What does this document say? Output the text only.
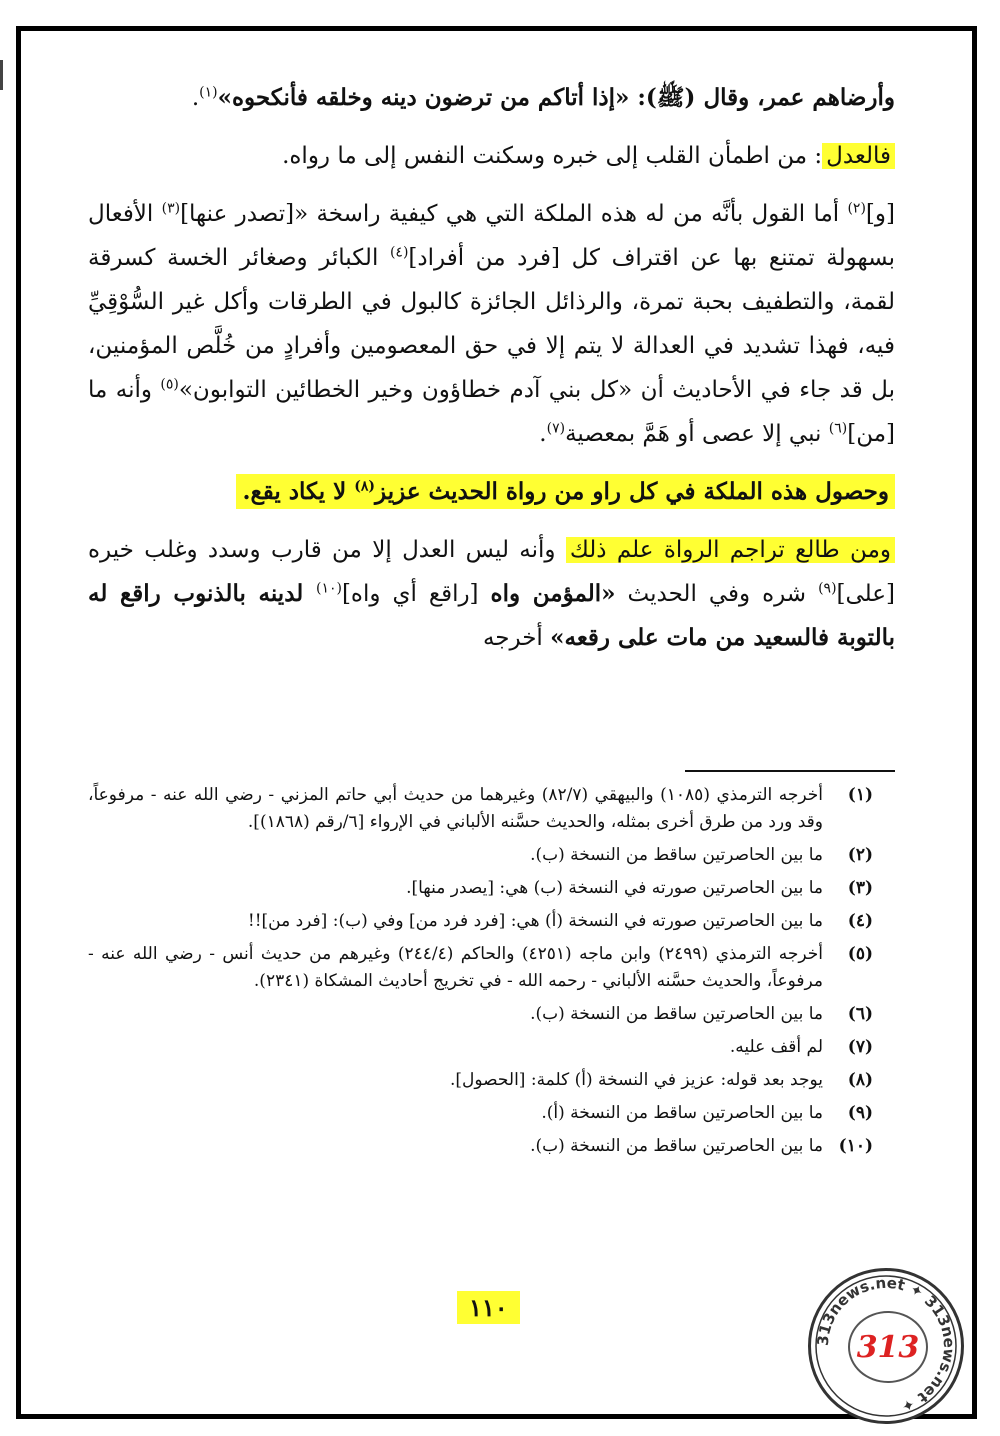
وأرضاهم عمر، وقال (ﷺ): «إذا أتاكم من ترضون دينه وخلقه فأنكحوه»$^{(١)}$.

فالعدل: من اطمأن القلب إلى خبره وسكنت النفس إلى ما رواه.

[و]$^{(٢)}$ أما القول بأنَّه من له هذه الملكة التي هي كيفية راسخة «[تصدر عنها]$^{(٣)}$ الأفعال بسهولة تمتنع بها عن اقتراف كل [فرد من أفراد]$^{(٤)}$ الكبائر وصغائر الخسة كسرقة لقمة، والتطفيف بحبة تمرة، والرذائل الجائزة كالبول في الطرقات وأكل غير السُّوْقِيِّ فيه، فهذا تشديد في العدالة لا يتم إلا في حق المعصومين وأفرادٍ من خُلَّص المؤمنين، بل قد جاء في الأحاديث أن «كل بني آدم خطاؤون وخير الخطائين التوابون»$^{(٥)}$ وأنه ما [من]$^{(٦)}$ نبي إلا عصى أو هَمَّ بمعصية$^{(٧)}$.

وحصول هذه الملكة في كل راو من رواة الحديث عزيز$^{(٨)}$ لا يكاد يقع.

ومن طالع تراجم الرواة علم ذلك وأنه ليس العدل إلا من قارب وسدد وغلب خيره [على]$^{(٩)}$ شره وفي الحديث «المؤمن واه [راقع أي واه]$^{(١٠)}$ لدينه بالذنوب راقع له بالتوبة فالسعيد من مات على رقعه» أخرجه

(١)
أخرجه الترمذي (١٠٨٥) والبيهقي (٨٢/٧) وغيرهما من حديث أبي حاتم المزني - رضي الله عنه - مرفوعاً، وقد ورد من طرق أخرى بمثله، والحديث حسَّنه الألباني في الإرواء [٦/رقم (١٨٦٨)].
(٢)
ما بين الحاصرتين ساقط من النسخة (ب).
(٣)
ما بين الحاصرتين صورته في النسخة (ب) هي: [يصدر منها].
(٤)
ما بين الحاصرتين صورته في النسخة (أ) هي: [فرد فرد من] وفي (ب): [فرد من]!!
(٥)
أخرجه الترمذي (٢٤٩٩) وابن ماجه (٤٢٥١) والحاكم (٢٤٤/٤) وغيرهم من حديث أنس - رضي الله عنه - مرفوعاً، والحديث حسَّنه الألباني - رحمه الله - في تخريج أحاديث المشكاة (٢٣٤١).
(٦)
ما بين الحاصرتين ساقط من النسخة (ب).
(٧)
لم أقف عليه.
(٨)
يوجد بعد قوله: عزيز في النسخة (أ) كلمة: [الحصول].
(٩)
ما بين الحاصرتين ساقط من النسخة (أ).
(١٠)
ما بين الحاصرتين ساقط من النسخة (ب).
١١٠
313news.net ✦ 313news.net ✦
313
